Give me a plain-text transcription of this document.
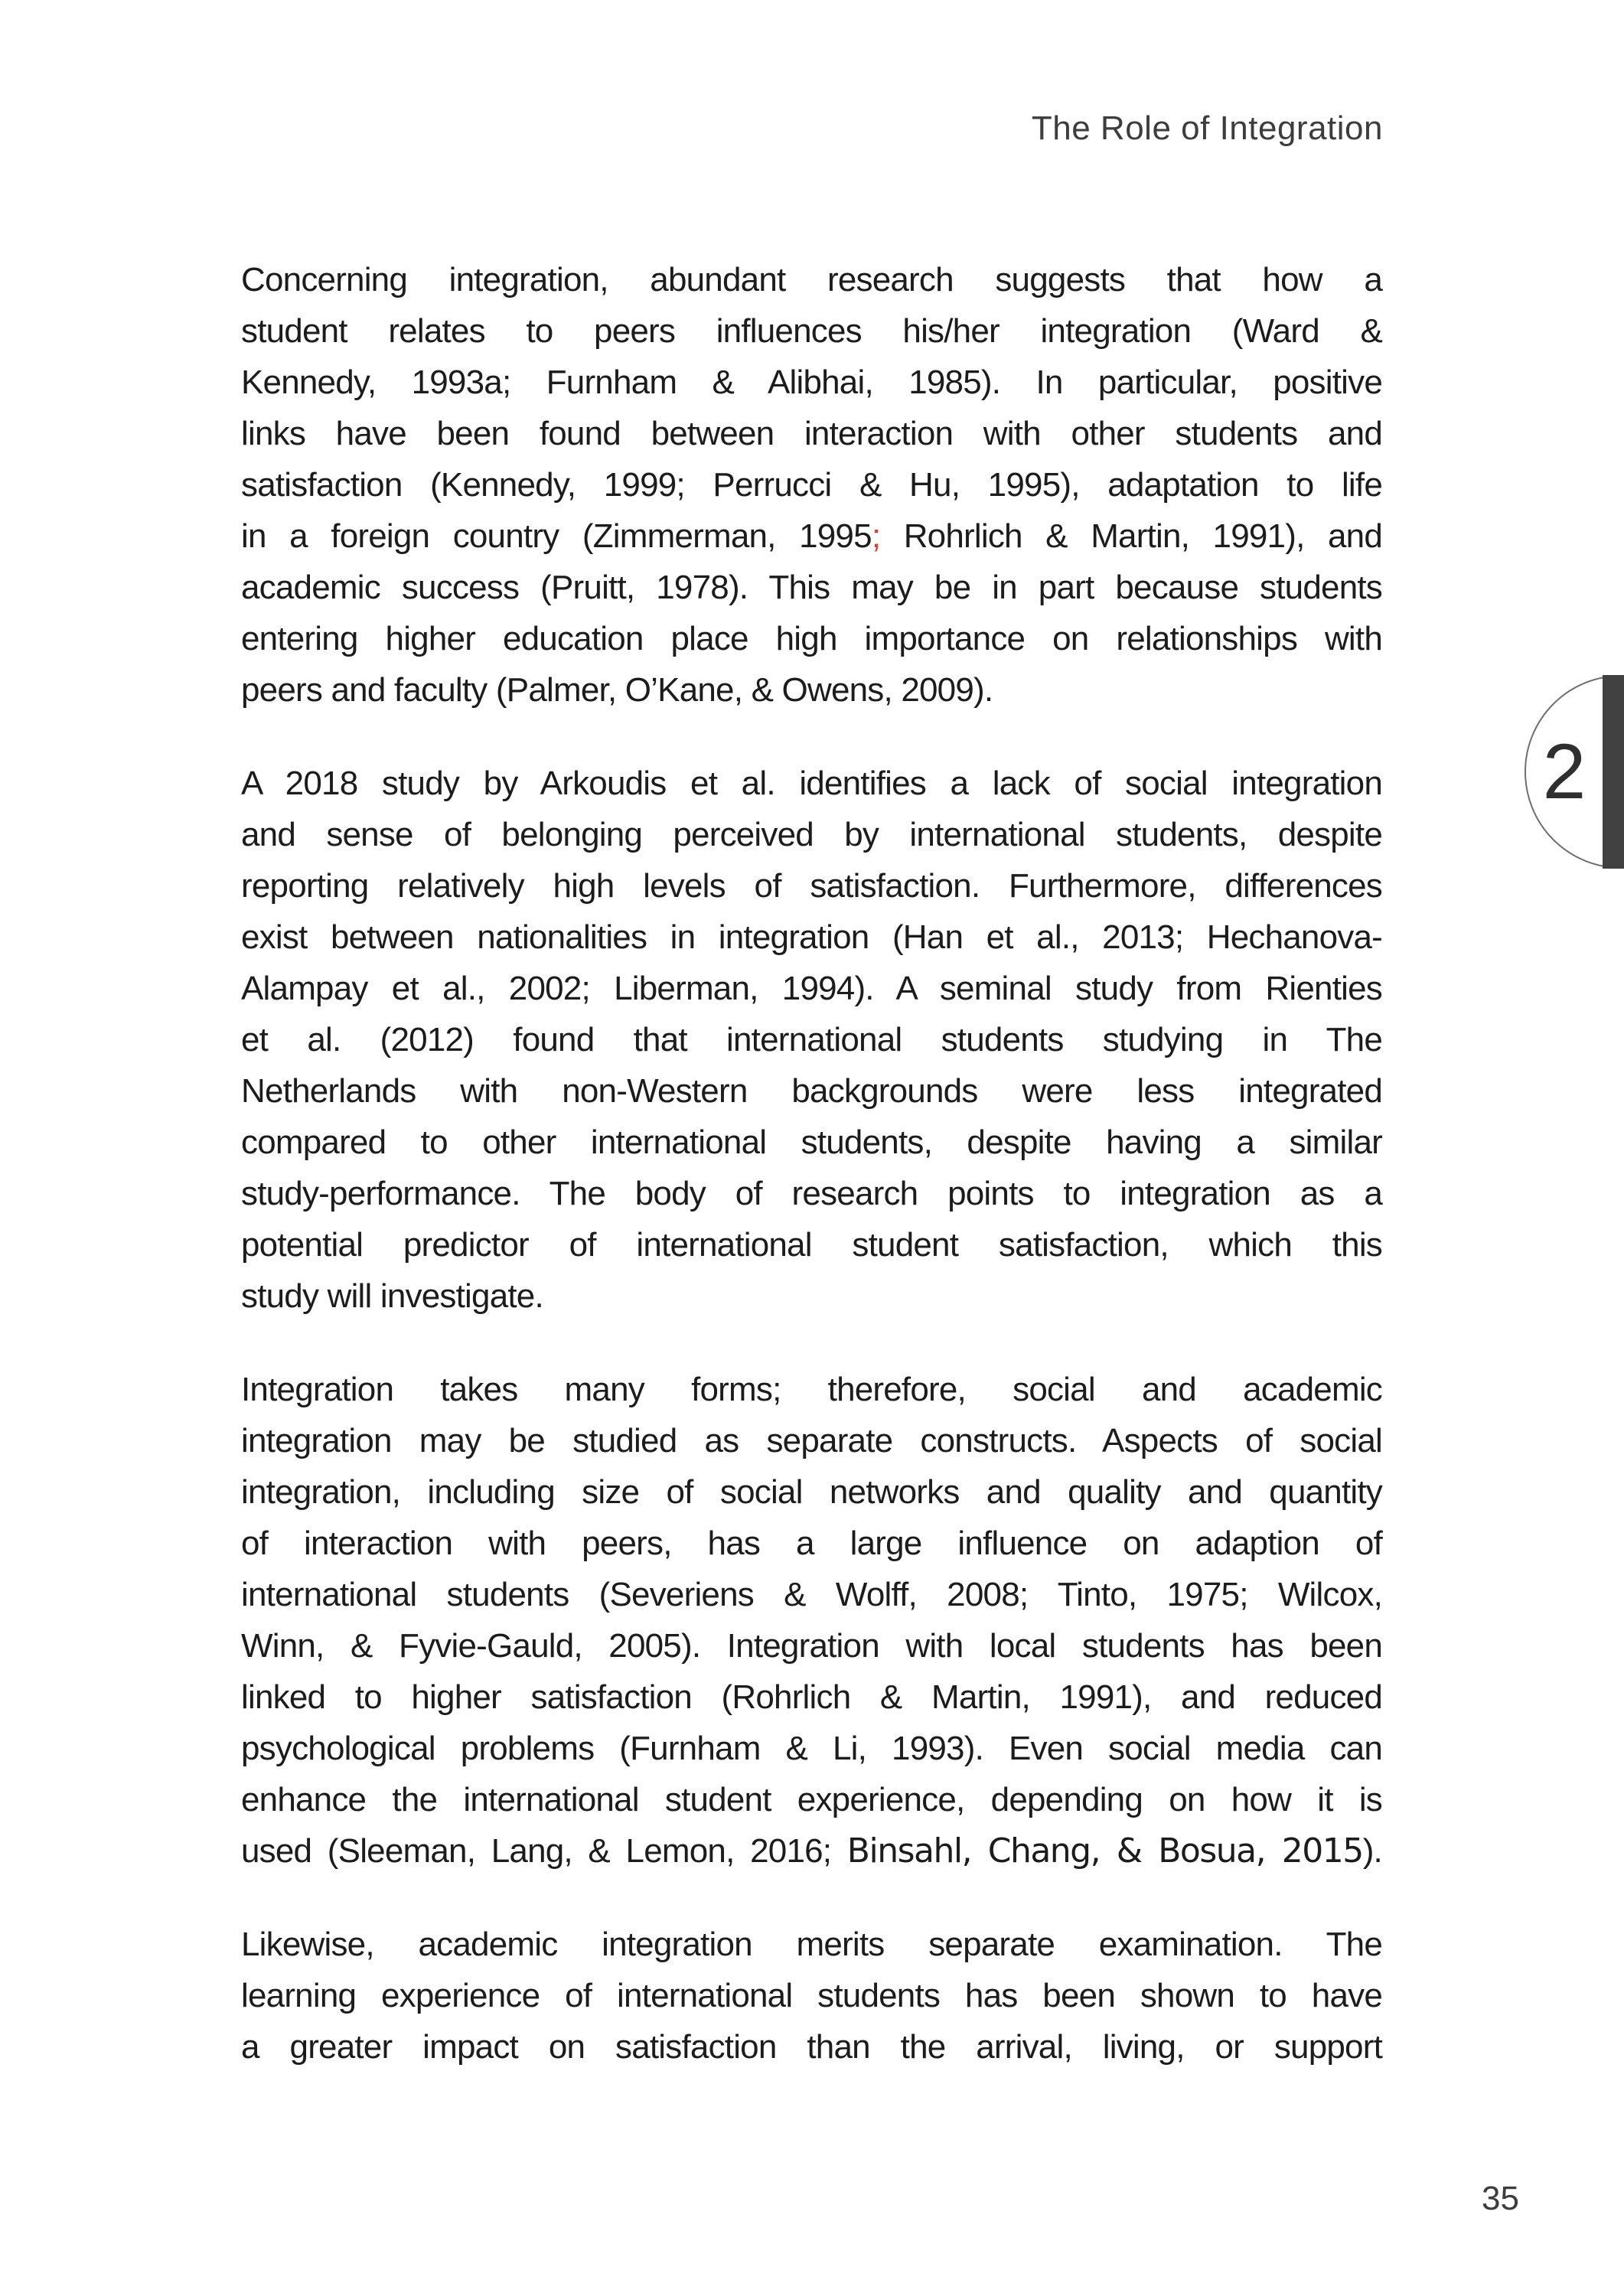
The Role of Integration

Concerning integration, abundant research suggests that how a
student relates to peers influences his/her integration (Ward &
Kennedy, 1993a; Furnham & Alibhai, 1985). In particular, positive
links have been found between interaction with other students and
satisfaction (Kennedy, 1999; Perrucci & Hu, 1995), adaptation to life
in a foreign country (Zimmerman, 1995; Rohrlich & Martin, 1991), and
academic success (Pruitt, 1978). This may be in part because students
entering higher education place high importance on relationships with
peers and faculty (Palmer, O’Kane, & Owens, 2009).

A 2018 study by Arkoudis et al. identifies a lack of social integration
and sense of belonging perceived by international students, despite
reporting relatively high levels of satisfaction. Furthermore, differences
exist between nationalities in integration (Han et al., 2013; Hechanova-
Alampay et al., 2002; Liberman, 1994). A seminal study from Rienties
et al. (2012) found that international students studying in The
Netherlands with non-Western backgrounds were less integrated
compared to other international students, despite having a similar
study-performance. The body of research points to integration as a
potential predictor of international student satisfaction, which this
study will investigate.

Integration takes many forms; therefore, social and academic
integration may be studied as separate constructs. Aspects of social
integration, including size of social networks and quality and quantity
of interaction with peers, has a large influence on adaption of
international students (Severiens & Wolff, 2008; Tinto, 1975; Wilcox,
Winn, & Fyvie-Gauld, 2005). Integration with local students has been
linked to higher satisfaction (Rohrlich & Martin, 1991), and reduced
psychological problems (Furnham & Li, 1993). Even social media can
enhance the international student experience, depending on how it is
used (Sleeman, Lang, & Lemon, 2016; Binsahl, Chang, & Bosua, 2015).

Likewise, academic integration merits separate examination. The
learning experience of international students has been shown to have
a greater impact on satisfaction than the arrival, living, or support

2
35
